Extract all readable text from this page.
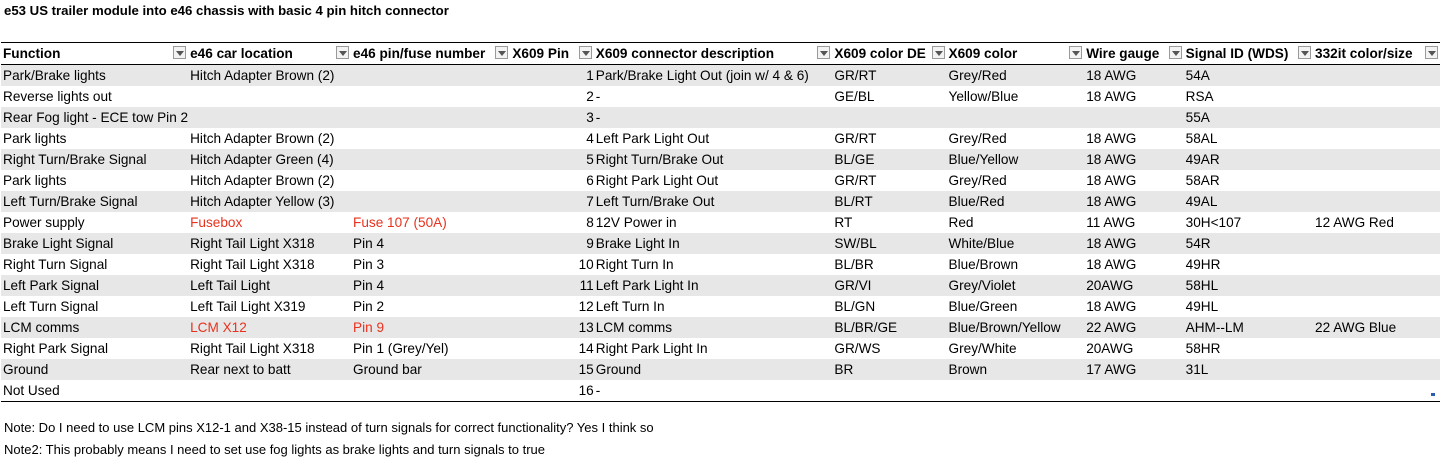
e53 US trailer module into e46 chassis with basic 4 pin hitch connector
Function	e46 car location	e46 pin/fuse number	X609 Pin	X609 connector description	X609 color DE	X609 color	Wire gauge	Signal ID (WDS)	332it color/size

Park/Brake lights	Hitch Adapter Brown (2)		1	Park/Brake Light Out (join w/ 4 & 6)	GR/RT	Grey/Red	18 AWG	54A	
Reverse lights out			2	-	GE/BL	Yellow/Blue	18 AWG	RSA	
Rear Fog light - ECE tow Pin 2			3	-				55A	
Park lights	Hitch Adapter Brown (2)		4	Left Park Light Out	GR/RT	Grey/Red	18 AWG	58AL	
Right Turn/Brake Signal	Hitch Adapter Green (4)		5	Right Turn/Brake Out	BL/GE	Blue/Yellow	18 AWG	49AR	
Park lights	Hitch Adapter Brown (2)		6	Right Park Light Out	GR/RT	Grey/Red	18 AWG	58AR	
Left Turn/Brake Signal	Hitch Adapter Yellow (3)		7	Left Turn/Brake Out	BL/RT	Blue/Red	18 AWG	49AL	
Power supply	Fusebox	Fuse 107 (50A)	8	12V Power in	RT	Red	11 AWG	30H<107	12 AWG Red
Brake Light Signal	Right Tail Light X318	Pin 4	9	Brake Light In	SW/BL	White/Blue	18 AWG	54R	
Right Turn Signal	Right Tail Light X318	Pin 3	10	Right Turn In	BL/BR	Blue/Brown	18 AWG	49HR	
Left Park Signal	Left Tail Light	Pin 4	11	Left Park Light In	GR/VI	Grey/Violet	20AWG	58HL	
Left Turn Signal	Left Tail Light X319	Pin 2	12	Left Turn In	BL/GN	Blue/Green	18 AWG	49HL	
LCM comms	LCM X12	Pin 9	13	LCM comms	BL/BR/GE	Blue/Brown/Yellow	22 AWG	AHM--LM	22 AWG Blue
Right Park Signal	Right Tail Light X318	Pin 1 (Grey/Yel)	14	Right Park Light In	GR/WS	Grey/White	20AWG	58HR	
Ground	Rear next to batt	Ground bar	15	Ground	BR	Brown	17 AWG	31L	
Not Used			16	-					
Note: Do I need to use LCM pins X12-1 and X38-15 instead of turn signals for correct functionality? Yes I think so
Note2: This probably means I need to set use fog lights as brake lights and turn signals to true
